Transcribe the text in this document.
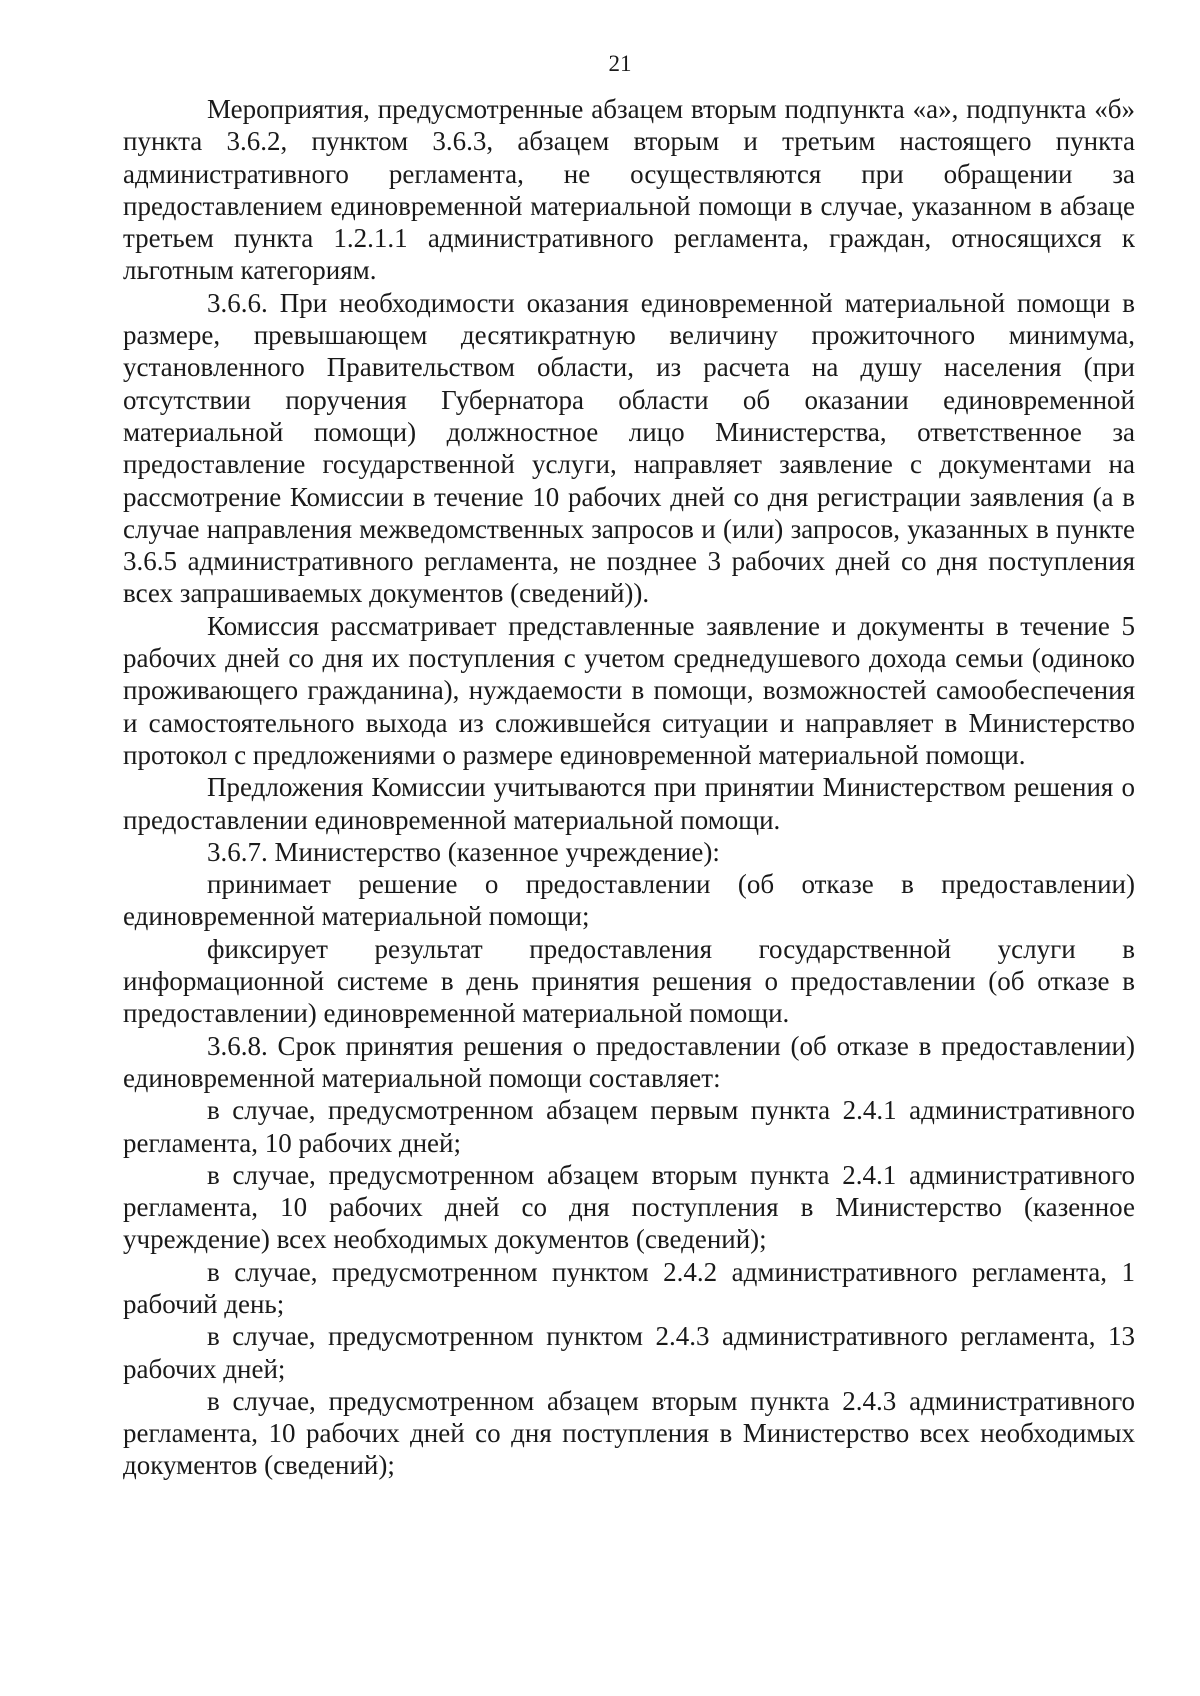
21

Мероприятия, предусмотренные абзацем вторым подпункта «а», подпункта «б» пункта 3.6.2, пунктом 3.6.3, абзацем вторым и третьим настоящего пункта административного регламента, не осуществляются при обращении за предоставлением единовременной материальной помощи в случае, указанном в абзаце третьем пункта 1.2.1.1 административного регламента, граждан, относящихся к льготным категориям.

3.6.6. При необходимости оказания единовременной материальной помощи в размере, превышающем десятикратную величину прожиточного минимума, установленного Правительством области, из расчета на душу населения (при отсутствии поручения Губернатора области об оказании единовременной материальной помощи) должностное лицо Министерства, ответственное за предоставление государственной услуги, направляет заявление с документами на рассмотрение Комиссии в течение 10 рабочих дней со дня регистрации заявления (а в случае направления межведомственных запросов и (или) запросов, указанных в пункте 3.6.5 административного регламента, не позднее 3 рабочих дней со дня поступления всех запрашиваемых документов (сведений)).

Комиссия рассматривает представленные заявление и документы в течение 5 рабочих дней со дня их поступления с учетом среднедушевого дохода семьи (одиноко проживающего гражданина), нуждаемости в помощи, возможностей самообеспечения и самостоятельного выхода из сложившейся ситуации и направляет в Министерство протокол с предложениями о размере единовременной материальной помощи.

Предложения Комиссии учитываются при принятии Министерством решения о предоставлении единовременной материальной помощи.

3.6.7. Министерство (казенное учреждение):

принимает решение о предоставлении (об отказе в предоставлении) единовременной материальной помощи;

фиксирует результат предоставления государственной услуги в информационной системе в день принятия решения о предоставлении (об отказе в предоставлении) единовременной материальной помощи.

3.6.8. Срок принятия решения о предоставлении (об отказе в предоставлении) единовременной материальной помощи составляет:

в случае, предусмотренном абзацем первым пункта 2.4.1 административного регламента, 10 рабочих дней;

в случае, предусмотренном абзацем вторым пункта 2.4.1 административного регламента, 10 рабочих дней со дня поступления в Министерство (казенное учреждение) всех необходимых документов (сведений);

в случае, предусмотренном пунктом 2.4.2 административного регламента, 1 рабочий день;

в случае, предусмотренном пунктом 2.4.3 административного регламента, 13 рабочих дней;

в случае, предусмотренном абзацем вторым пункта 2.4.3 административного регламента, 10 рабочих дней со дня поступления в Министерство всех необходимых документов (сведений);
